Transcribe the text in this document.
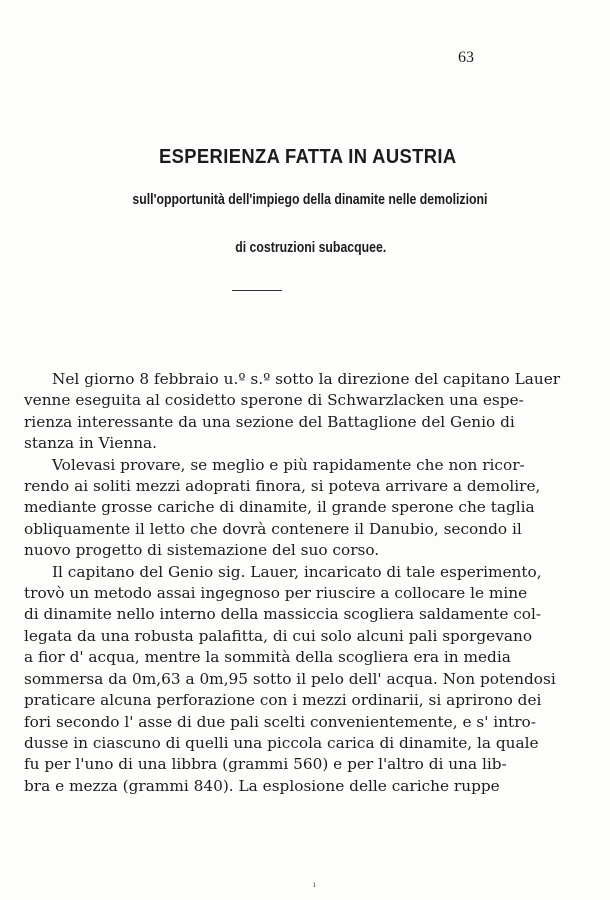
63
ESPERIENZA FATTA IN AUSTRIA
sull'opportunità dell'impiego della dinamite nelle demolizioni
di costruzioni subacquee.
Nel giorno 8 febbraio u.º s.º sotto la direzione del capitano Lauer
venne eseguita al cosidetto sperone di Schwarzlacken una espe-
rienza interessante da una sezione del Battaglione del Genio di
stanza in Vienna.
Volevasi provare, se meglio e più rapidamente che non ricor-
rendo ai soliti mezzi adoprati finora, si poteva arrivare a demolire,
mediante grosse cariche di dinamite, il grande sperone che taglia
obliquamente il letto che dovrà contenere il Danubio, secondo il
nuovo progetto di sistemazione del suo corso.
Il capitano del Genio sig. Lauer, incaricato di tale esperimento,
trovò un metodo assai ingegnoso per riuscire a collocare le mine
di dinamite nello interno della massiccia scogliera saldamente col-
legata da una robusta palafitta, di cui solo alcuni pali sporgevano
a fior d' acqua, mentre la sommità della scogliera era in media
sommersa da 0m,63 a 0m,95 sotto il pelo dell' acqua. Non potendosi
praticare alcuna perforazione con i mezzi ordinarii, si aprirono dei
fori secondo l' asse di due pali scelti convenientemente, e s' intro-
dusse in ciascuno di quelli una piccola carica di dinamite, la quale
fu per l'uno di una libbra (grammi 560) e per l'altro di una lib-
bra e mezza (grammi 840). La esplosione delle cariche ruppe
ı
